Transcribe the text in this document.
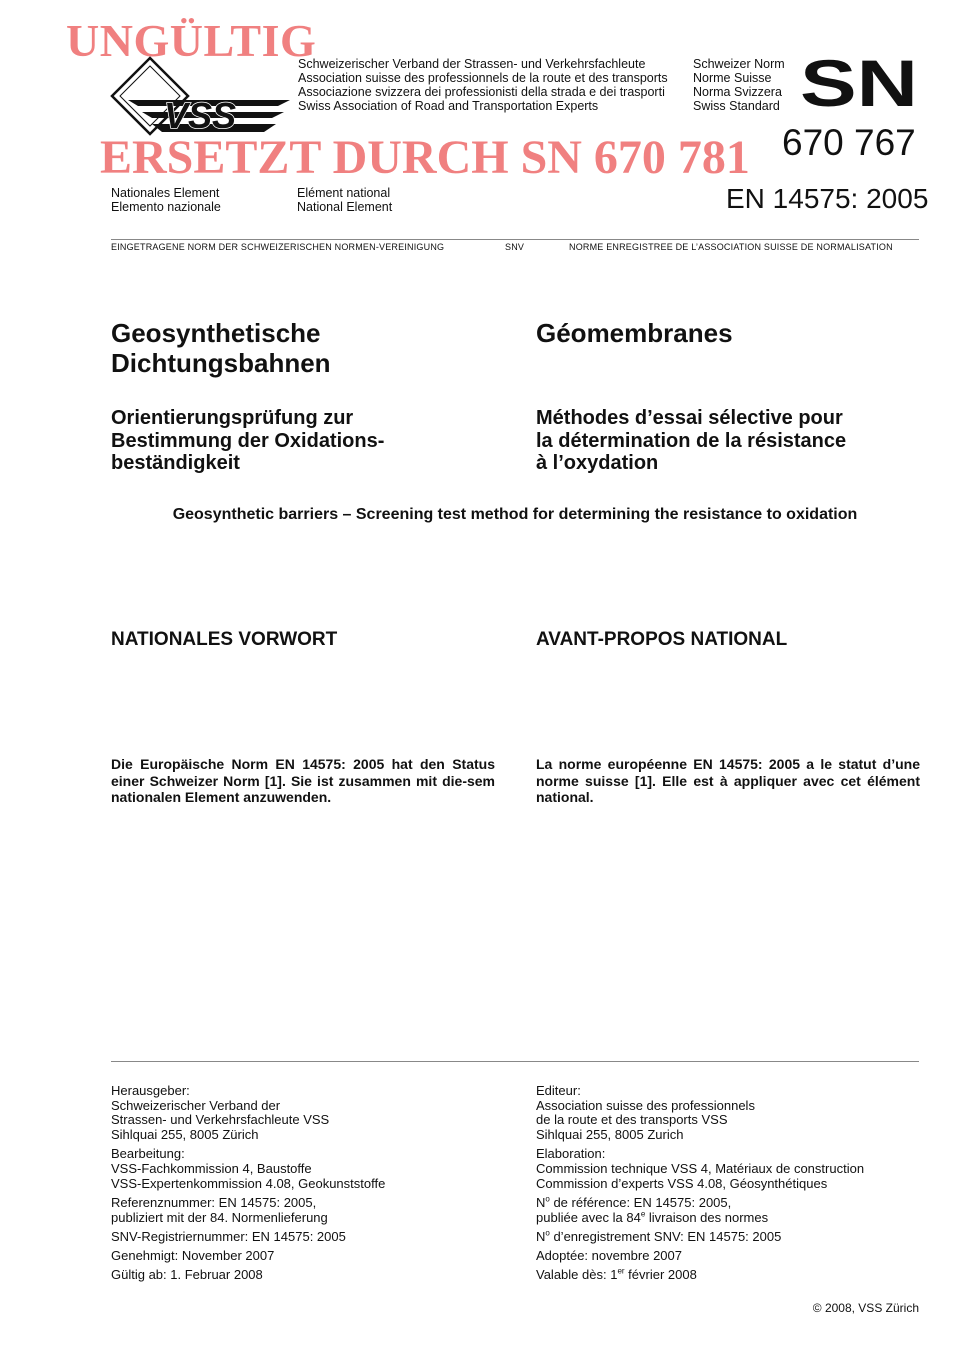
VSS
UNGÜLTIG
ERSETZT DURCH SN 670 781
Schweizerischer Verband der Strassen- und Verkehrsfachleute
Association suisse des professionnels de la route et des transports
Associazione svizzera dei professionisti della strada e dei trasporti
Swiss Association of Road and Transportation Experts
Schweizer Norm
Norme Suisse
Norma Svizzera
Swiss Standard SN
670 767
EN 14575: 2005
Nationales Element
Elemento nazionale
Elément national
National Element
EINGETRAGENE NORM DER SCHWEIZERISCHEN NORMEN-VEREINIGUNG	SNV	NORME ENREGISTREE DE L’ASSOCIATION SUISSE DE NORMALISATION
Geosynthetische
Dichtungsbahnen
Géomembranes
Orientierungsprüfung zur
Bestimmung der Oxidations-
beständigkeit
Méthodes d’essai sélective pour
la détermination de la résistance
à l’oxydation
Geosynthetic barriers – Screening test method for determining the resistance to oxidation
NATIONALES VORWORT	AVANT-PROPOS NATIONAL
Die Europäische Norm EN 14575: 2005 hat den Status einer Schweizer Norm [1]. Sie ist zusammen mit die-sem nationalen Element anzuwenden.
La norme européenne EN 14575: 2005 a le statut d’une norme suisse [1]. Elle est à appliquer avec cet élément national.
Herausgeber:
Schweizerischer Verband der
Strassen- und Verkehrsfachleute VSS
Sihlquai 255, 8005 Zürich
Bearbeitung:
VSS-Fachkommission 4, Baustoffe
VSS-Expertenkommission 4.08, Geokunststoffe
Referenznummer: EN 14575: 2005,
publiziert mit der 84. Normenlieferung
SNV-Registriernummer: EN 14575: 2005
Genehmigt: November 2007
Gültig ab: 1. Februar 2008
Editeur:
Association suisse des professionnels
de la route et des transports VSS
Sihlquai 255, 8005 Zurich
Elaboration:
Commission technique VSS 4, Matériaux de construction
Commission d’experts VSS 4.08, Géosynthétiques
$N^o$ de référence: EN 14575: 2005,
publiée avec la 84e livraison des normes
$N^o$ d’enregistrement SNV: EN 14575: 2005
Adoptée: novembre 2007
Valable dès: 1er février 2008
© 2008, VSS Zürich
